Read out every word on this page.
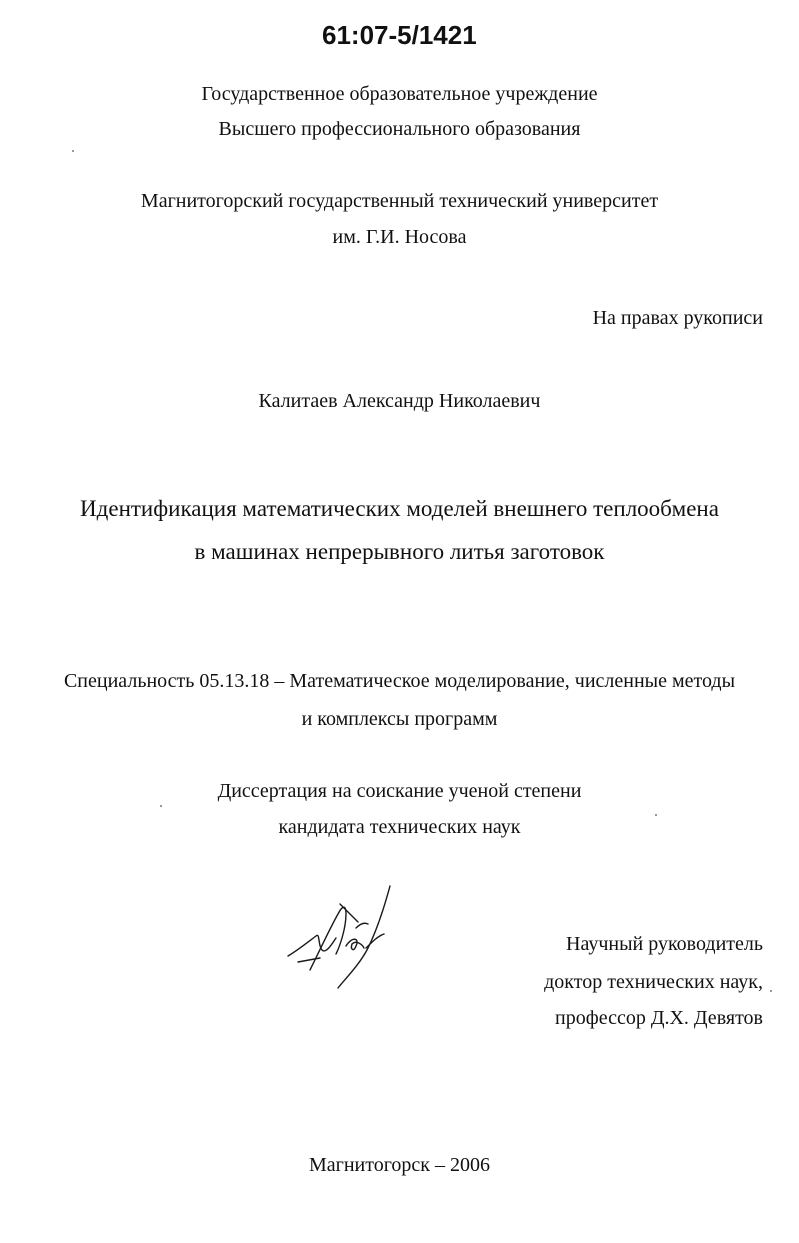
61:07-5/1421
Государственное образовательное учреждение
Высшего профессионального образования
Магнитогорский государственный технический университет
им. Г.И. Носова
На правах рукописи
Калитаев Александр Николаевич
Идентификация математических моделей внешнего теплообмена
в машинах непрерывного литья заготовок
Специальность 05.13.18 – Математическое моделирование, численные методы
и комплексы программ
Диссертация на соискание ученой степени
кандидата технических наук
Научный руководитель
доктор технических наук,
профессор Д.Х. Девятов
Магнитогорск – 2006
